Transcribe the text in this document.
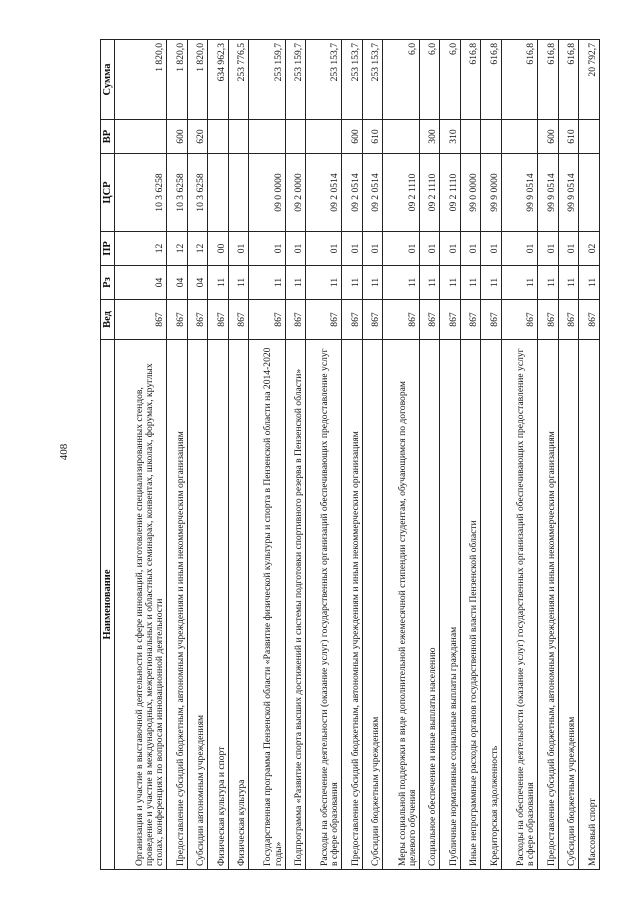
408
Наименование	Вед	Рз	ПР	ЦСР	ВР	Сумма
Организация и участие в выставочной деятельности в сфере инноваций, изготовление специализированных стендов, проведение и участие в международных, межрегиональных и областных семинарах, конвентах, школах, форумах, круглых столах, конференциях по вопросам инновационной деятельности	867	04	12	10 3 6258		1 820,0
Предоставление субсидий бюджетным, автономным учреждениям и иным некоммерческим организациям	867	04	12	10 3 6258	600	1 820,0
Субсидии автономным учреждениям	867	04	12	10 3 6258	620	1 820,0
Физическая культура и спорт	867	11	00			634 962,3
Физическая культура	867	11	01			253 776,5
Государственная программа Пензенской области «Развитие физической культуры и спорта в Пензенской области на 2014-2020 годы»	867	11	01	09 0 0000		253 159,7
Подпрограмма «Развитие спорта высших достижений и системы подготовки спортивного резерва в Пензенской области»	867	11	01	09 2 0000		253 159,7
Расходы на обеспечение деятельности (оказание услуг) государственных организаций обеспечивающих предоставление услуг в сфере образования	867	11	01	09 2 0514		253 153,7
Предоставление субсидий бюджетным, автономным учреждениям и иным некоммерческим организациям	867	11	01	09 2 0514	600	253 153,7
Субсидии бюджетным учреждениям	867	11	01	09 2 0514	610	253 153,7
Меры социальной поддержки в виде дополнительной ежемесячной стипендии студентам, обучающимся по договорам целевого обучения	867	11	01	09 2 1110		6,0
Социальное обеспечение и иные выплаты населению	867	11	01	09 2 1110	300	6,0
Публичные нормативные социальные выплаты гражданам	867	11	01	09 2 1110	310	6,0
Иные непрограммные расходы органов государственной власти Пензенской области	867	11	01	99 0 0000		616,8
Кредиторская задолженность	867	11	01	99 9 0000		616,8
Расходы на обеспечение деятельности (оказание услуг) государственных организаций обеспечивающих предоставление услуг в сфере образования	867	11	01	99 9 0514		616,8
Предоставление субсидий бюджетным, автономным учреждениям и иным некоммерческим организациям	867	11	01	99 9 0514	600	616,8
Субсидии бюджетным учреждениям	867	11	01	99 9 0514	610	616,8
Массовый спорт	867	11	02			20 792,7
